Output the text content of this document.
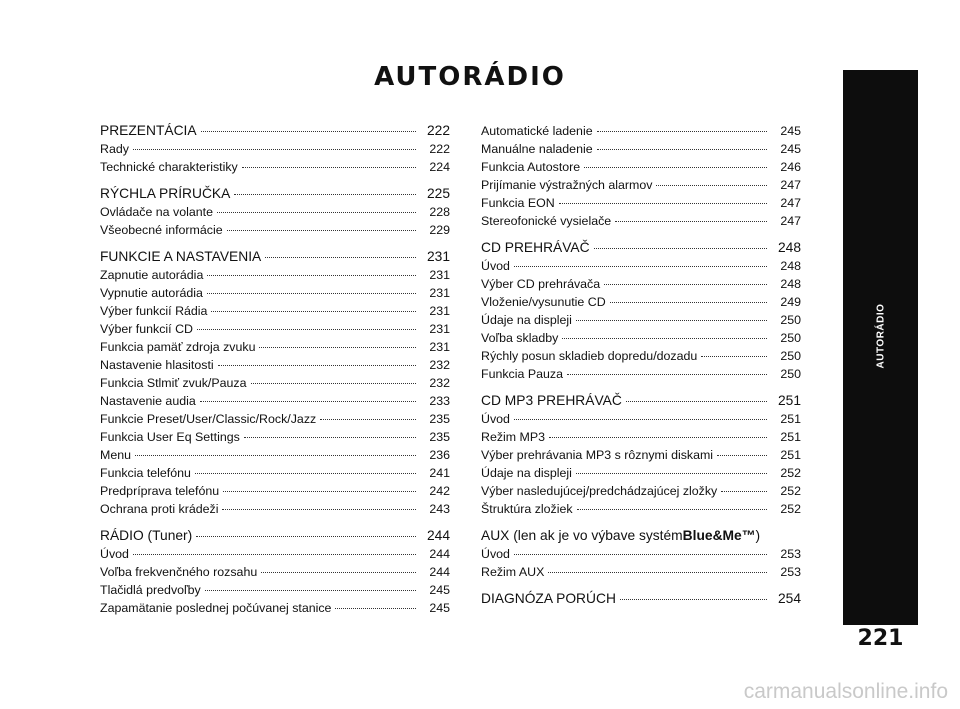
AUTORÁDIO
PREZENTÁCIA	222
Rady	222
Technické charakteristiky	224
RÝCHLA PRÍRUČKA	225
Ovládače na volante	228
Všeobecné informácie	229
FUNKCIE A NASTAVENIA	231
Zapnutie autorádia	231
Vypnutie autorádia	231
Výber funkcií Rádia	231
Výber funkcií CD	231
Funkcia pamäť zdroja zvuku	231
Nastavenie hlasitosti	232
Funkcia Stlmiť zvuk/Pauza	232
Nastavenie audia	233
Funkcie Preset/User/Classic/Rock/Jazz	235
Funkcia User Eq Settings	235
Menu	236
Funkcia telefónu	241
Predpríprava telefónu	242
Ochrana proti krádeži	243
RÁDIO (Tuner)	244
Úvod	244
Voľba frekvenčného rozsahu	244
Tlačidlá predvoľby	245
Zapamätanie poslednej počúvanej stanice	245
Automatické ladenie	245
Manuálne naladenie	245
Funkcia Autostore	246
Prijímanie výstražných alarmov	247
Funkcia EON	247
Stereofonické vysielače	247
CD PREHRÁVAČ	248
Úvod	248
Výber CD prehrávača	248
Vloženie/vysunutie CD	249
Údaje na displeji	250
Voľba skladby	250
Rýchly posun skladieb dopredu/dozadu	250
Funkcia Pauza	250
CD MP3 PREHRÁVAČ	251
Úvod	251
Režim MP3	251
Výber prehrávania MP3 s rôznymi diskami	251
Údaje na displeji	252
Výber nasledujúcej/predchádzajúcej zložky	252
Štruktúra zložiek	252
AUX (len ak je vo výbave systém Blue&Me™ )
Úvod	253
Režim AUX	253
DIAGNÓZA PORÚCH	254
AUTORÁDIO
221
carmanualsonline.info
